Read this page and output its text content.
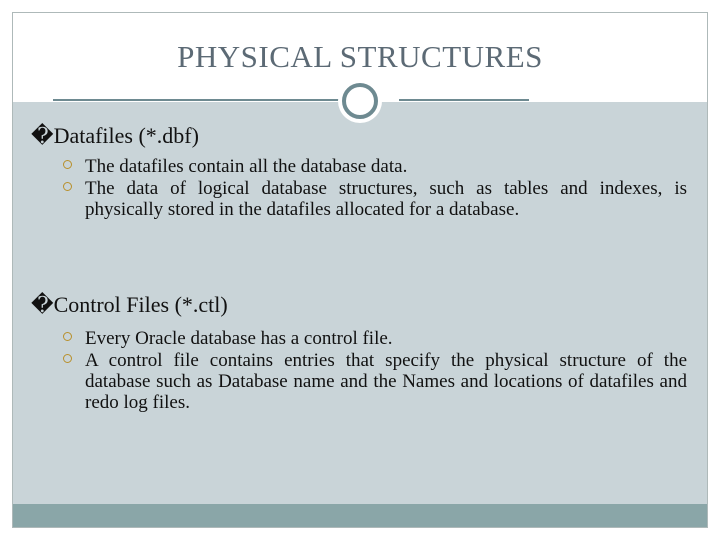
PHYSICAL STRUCTURES
�Datafiles (*.dbf)
The datafiles contain all the database data.
The data of logical database structures, such as tables and indexes, is physically stored in the datafiles allocated for a database.
�Control Files (*.ctl)
Every Oracle database has a control file.
A control file contains entries that specify the physical structure of the database such as Database name and the Names and locations of datafiles and redo log files.
